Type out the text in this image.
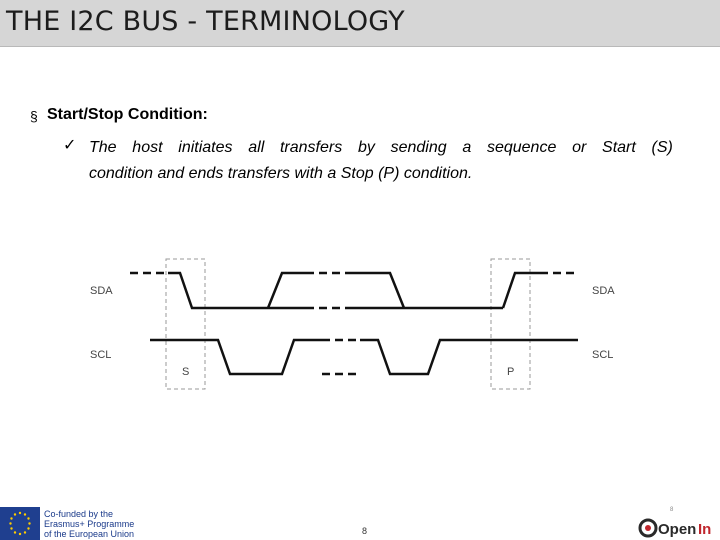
THE I2C BUS - TERMINOLOGY
§ Start/Stop Condition:
✓ The host initiates all transfers by sending a sequence or Start (S)
condition and ends transfers with a Stop (P) condition.
SDA
SCL
SDA
SCL
S	P
Co-funded by the
Erasmus+ Programme
of the European Union	8
8
Open In
